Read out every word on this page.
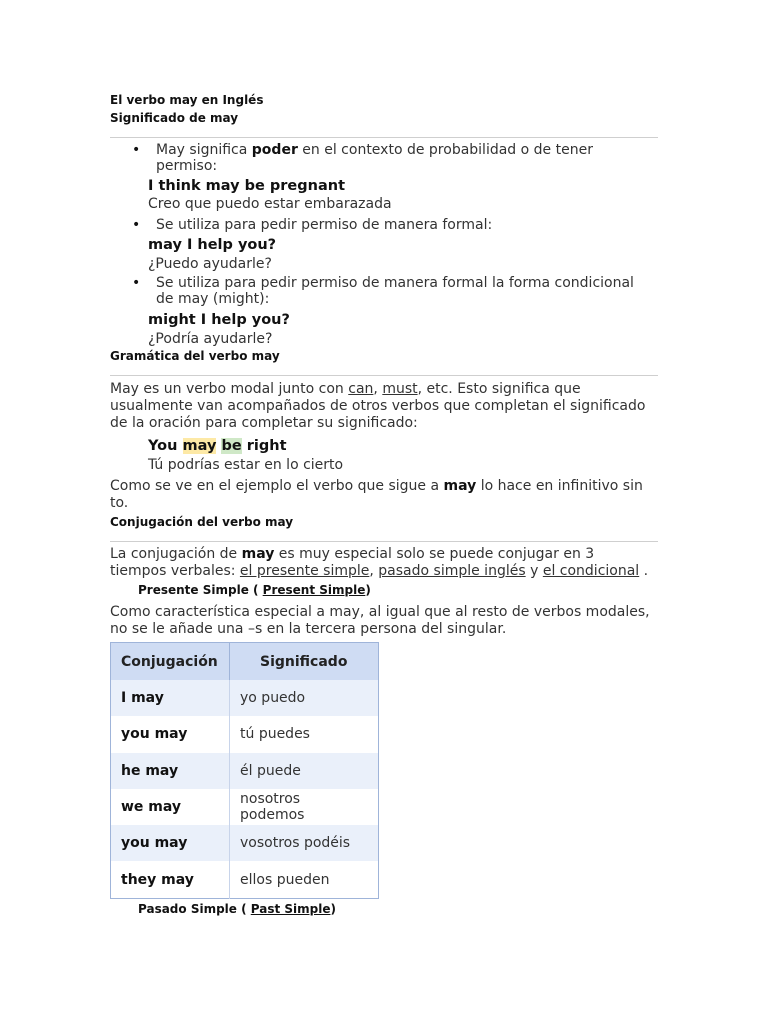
El verbo may en Inglés
Significado de may
• May significa poder en el contexto de probabilidad o de tener
permiso:
I think may be pregnant
Creo que puedo estar embarazada
• Se utiliza para pedir permiso de manera formal:
may I help you?
¿Puedo ayudarle?
• Se utiliza para pedir permiso de manera formal la forma condicional
de may (might):
might I help you?
¿Podría ayudarle?
Gramática del verbo may
May es un verbo modal junto con can, must, etc. Esto significa que
usualmente van acompañados de otros verbos que completan el significado
de la oración para completar su significado:
You may be right
Tú podrías estar en lo cierto
Como se ve en el ejemplo el verbo que sigue a may lo hace en infinitivo sin
to.
Conjugación del verbo may
La conjugación de may es muy especial solo se puede conjugar en 3
tiempos verbales: el presente simple, pasado simple inglés y el condicional .
Presente Simple ( Present Simple)
Como característica especial a may, al igual que al resto de verbos modales,
no se le añade una –s en la tercera persona del singular.
Conjugación	Significado
I may	yo puedo
you may	tú puedes
he may	él puede
we may	nosotros podemos
you may	vosotros podéis
they may	ellos pueden
Pasado Simple ( Past Simple)
